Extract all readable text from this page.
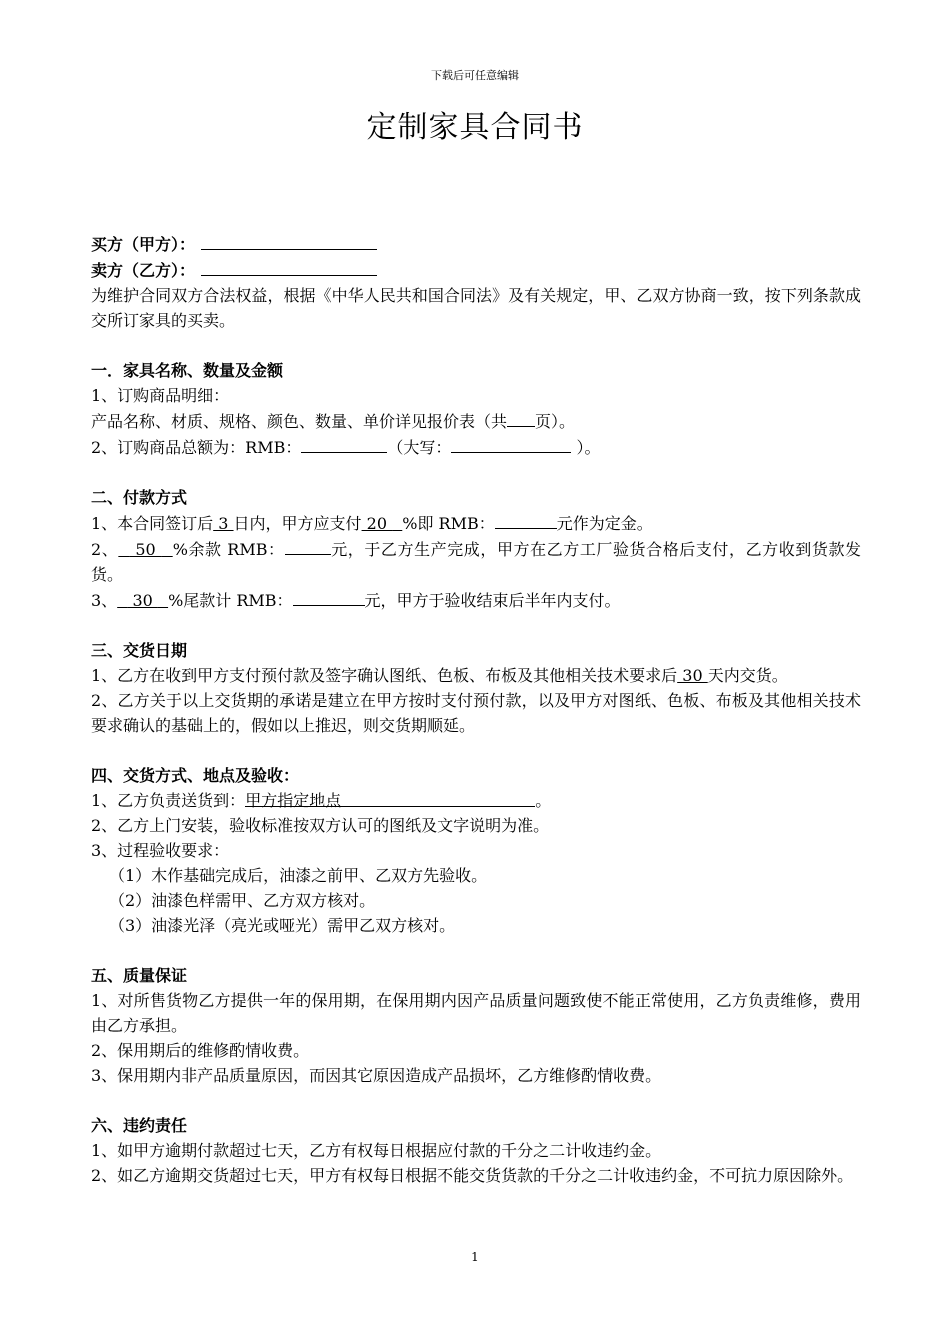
下载后可任意编辑
定制家具合同书
买方（甲方）：
卖方（乙方）：
为维护合同双方合法权益，根据《中华人民共和国合同法》及有关规定，甲、乙双方协商一致，按下列条款成交所订家具的买卖。
一．家具名称、数量及金额
1、订购商品明细：
产品名称、材质、规格、颜色、数量、单价详见报价表（共 页）。
2、订购商品总额为：RMB：	（大写：	）。
二、付款方式
1、本合同签订后 3 日内，甲方应支付 20   %即 RMB：	元作为定金。
2、   50   %余款 RMB：	元，于乙方生产完成，甲方在乙方工厂验货合格后支付，乙方收到货款发货。
3、   30   %尾款计 RMB：	元，甲方于验收结束后半年内支付。
三、交货日期
1、乙方在收到甲方支付预付款及签字确认图纸、色板、布板及其他相关技术要求后 30 天内交货。
2、乙方关于以上交货期的承诺是建立在甲方按时支付预付款，以及甲方对图纸、色板、布板及其他相关技术要求确认的基础上的，假如以上推迟，则交货期顺延。
四、交货方式、地点及验收：
1、乙方负责送货到：甲方指定地点	。
2、乙方上门安装，验收标准按双方认可的图纸及文字说明为准。
3、过程验收要求：
（1）木作基础完成后，油漆之前甲、乙双方先验收。
（2）油漆色样需甲、乙方双方核对。
（3）油漆光泽（亮光或哑光）需甲乙双方核对。
五、质量保证
1、对所售货物乙方提供一年的保用期，在保用期内因产品质量问题致使不能正常使用，乙方负责维修，费用由乙方承担。
2、保用期后的维修酌情收费。
3、保用期内非产品质量原因，而因其它原因造成产品损坏，乙方维修酌情收费。
六、违约责任
1、如甲方逾期付款超过七天，乙方有权每日根据应付款的千分之二计收违约金。
2、如乙方逾期交货超过七天，甲方有权每日根据不能交货货款的千分之二计收违约金，不可抗力原因除外。
1
